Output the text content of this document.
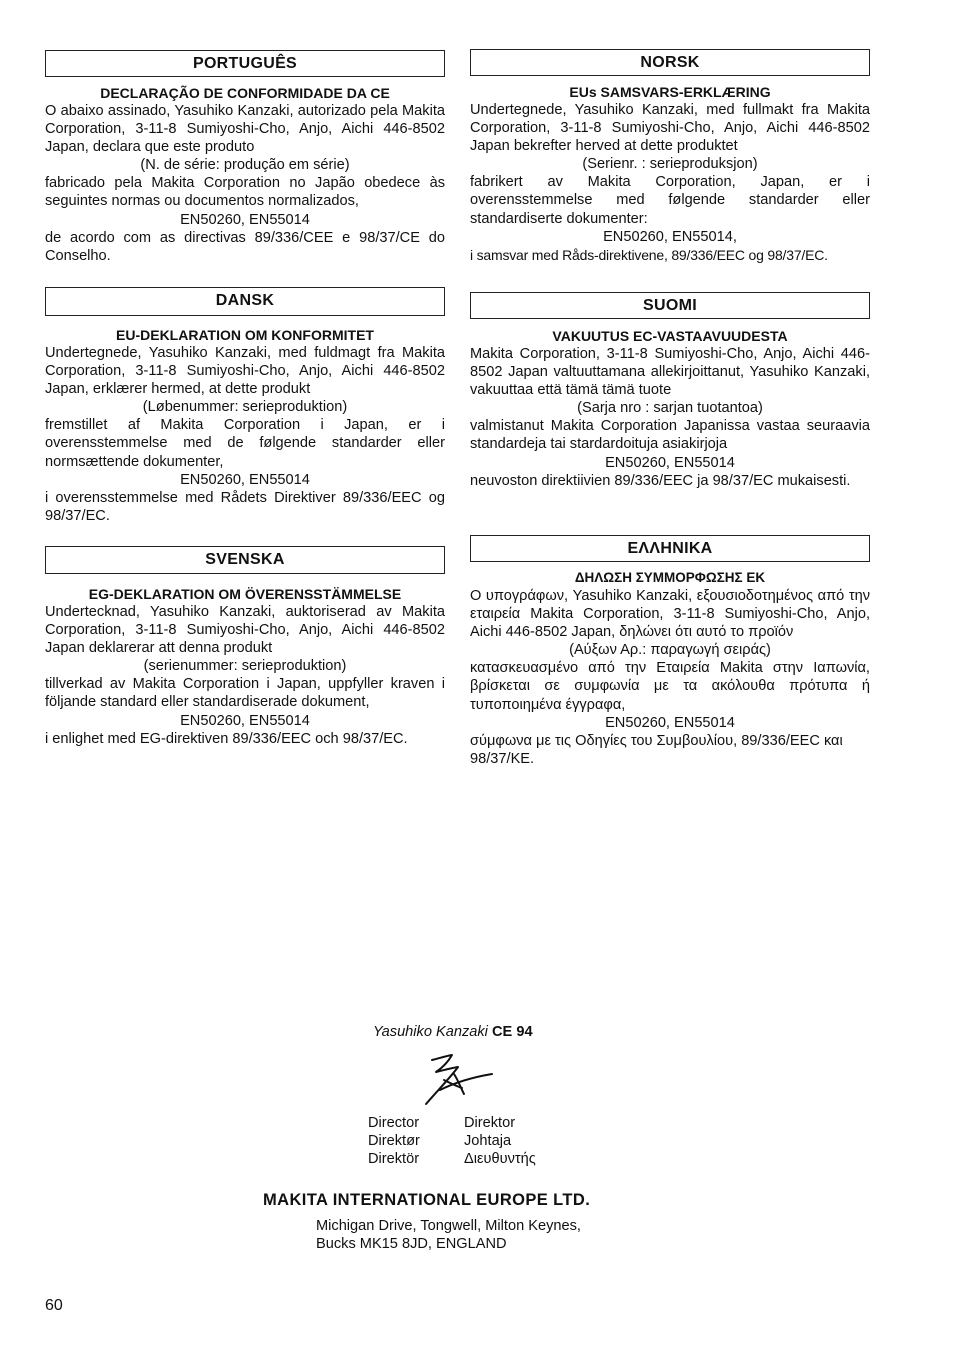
PORTUGUÊS
DECLARAÇÃO DE CONFORMIDADE DA CE
O abaixo assinado, Yasuhiko Kanzaki, autorizado pela Makita Corporation, 3-11-8 Sumiyoshi-Cho, Anjo, Aichi 446-8502 Japan, declara que este produto
(N. de série: produção em série)
fabricado pela Makita Corporation no Japão obedece às seguintes normas ou documentos normalizados,
EN50260, EN55014
de acordo com as directivas 89/336/CEE e 98/37/CE do Conselho.
DANSK
EU-DEKLARATION OM KONFORMITET
Undertegnede, Yasuhiko Kanzaki, med fuldmagt fra Makita Corporation, 3-11-8 Sumiyoshi-Cho, Anjo, Aichi 446-8502 Japan, erklærer hermed, at dette produkt
(Løbenummer: serieproduktion)
fremstillet af Makita Corporation i Japan, er i overensstemmelse med de følgende standarder eller normsættende dokumenter,
EN50260, EN55014
i overensstemmelse med Rådets Direktiver 89/336/EEC og 98/37/EC.
SVENSKA
EG-DEKLARATION OM ÖVERENSSTÄMMELSE
Undertecknad, Yasuhiko Kanzaki, auktoriserad av Makita Corporation, 3-11-8 Sumiyoshi-Cho, Anjo, Aichi 446-8502 Japan deklarerar att denna produkt
(serienummer: serieproduktion)
tillverkad av Makita Corporation i Japan, uppfyller kraven i följande standard eller standardiserade dokument,
EN50260, EN55014
i enlighet med EG-direktiven 89/336/EEC och 98/37/EC.
NORSK
EUs SAMSVARS-ERKLÆRING
Undertegnede, Yasuhiko Kanzaki, med fullmakt fra Makita Corporation, 3-11-8 Sumiyoshi-Cho, Anjo, Aichi 446-8502 Japan bekrefter herved at dette produktet
(Serienr. : serieproduksjon)
fabrikert av Makita Corporation, Japan, er i overensstemmelse med følgende standarder eller standardiserte dokumenter:
EN50260, EN55014,
i samsvar med Råds-direktivene, 89/336/EEC og 98/37/EC.
SUOMI
VAKUUTUS EC-VASTAAVUUDESTA
Makita Corporation, 3-11-8 Sumiyoshi-Cho, Anjo, Aichi 446-8502 Japan valtuuttamana allekirjoittanut, Yasuhiko Kanzaki, vakuuttaa että tämä tämä tuote
(Sarja nro : sarjan tuotantoa)
valmistanut Makita Corporation Japanissa vastaa seuraavia standardeja tai stardardoituja asiakirjoja
EN50260, EN55014
neuvoston direktiivien 89/336/EEC ja 98/37/EC mukaisesti.
ΕΛΛΗΝΙΚΑ
ΔΗΛΩΣΗ ΣΥΜΜΟΡΦΩΣΗΣ ΕΚ
Ο υπογράφων, Yasuhiko Kanzaki, εξουσιοδοτημένος από την εταιρεία Makita Corporation, 3-11-8 Sumiyoshi-Cho, Anjo, Aichi 446-8502 Japan, δηλώνει ότι αυτό το προϊόν
(Αύξων Αρ.: παραγωγή σειράς)
κατασκευασμένο από την Εταιρεία Makita στην Ιαπωνία, βρίσκεται σε συμφωνία με τα ακόλουθα πρότυπα ή τυποποιημένα έγγραφα,
EN50260, EN55014
σύμφωνα με τις Οδηγίες του Συμβουλίου, 89/336/EEC και 98/37/KE.
Yasuhiko Kanzaki CE 94
Director
Direktør
Direktör
Direktor
Johtaja
Διευθυντής
MAKITA INTERNATIONAL EUROPE LTD.
Michigan Drive, Tongwell, Milton Keynes,
Bucks MK15 8JD, ENGLAND
60
